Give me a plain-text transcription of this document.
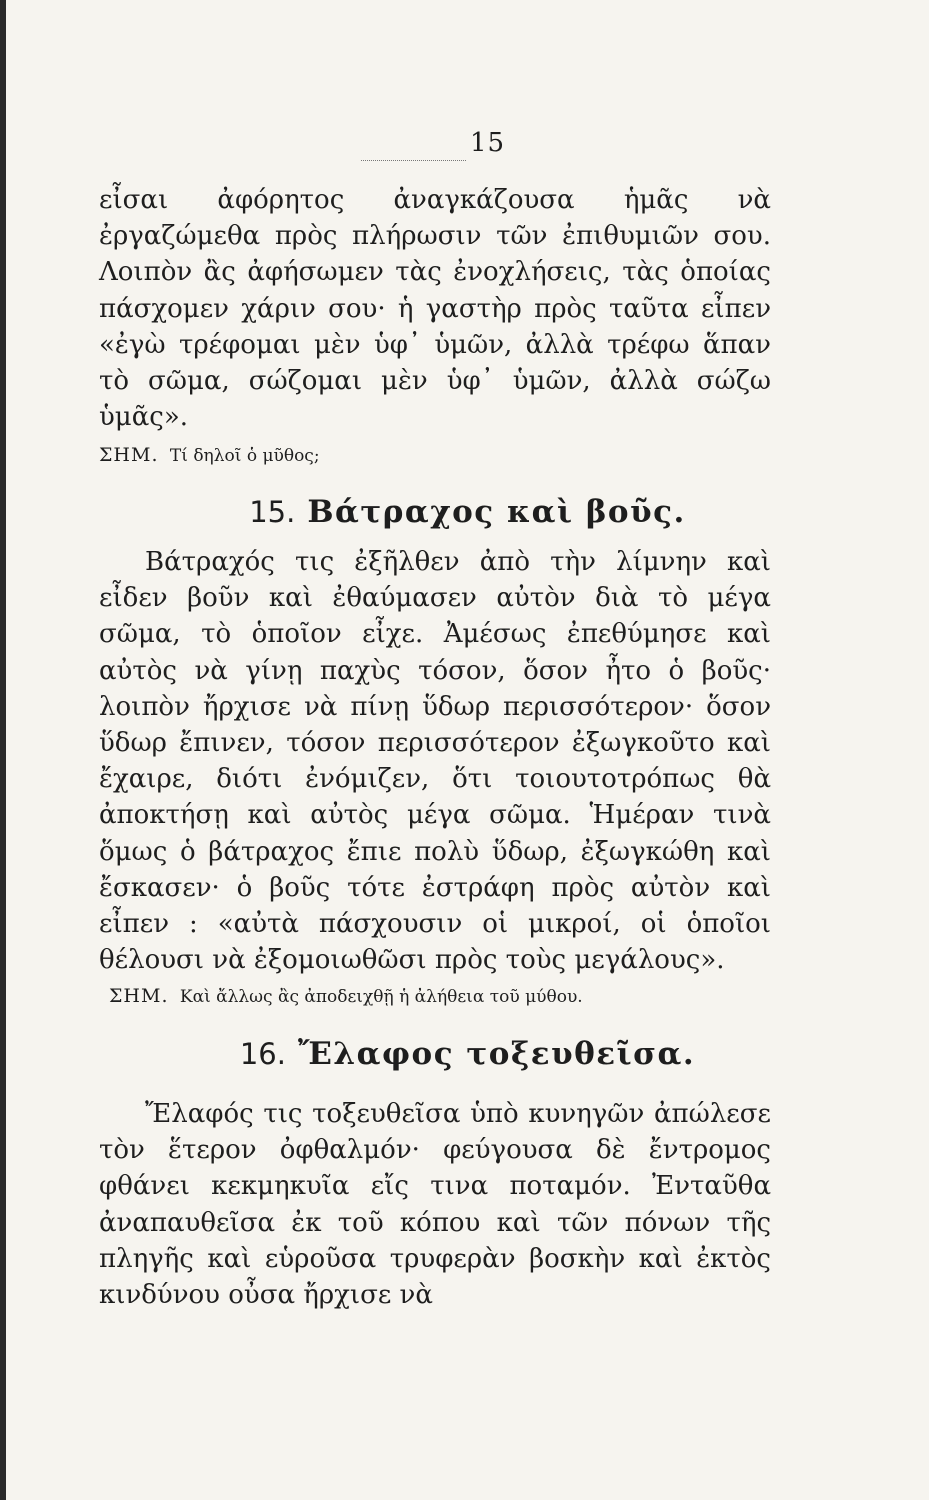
15

εἶσαι ἀφόρητος ἀναγκάζουσα ἡμᾶς νὰ ἐργαζώμεθα πρὸς πλήρωσιν τῶν ἐπιθυμιῶν σου. Λοιπὸν ἂς ἀφήσωμεν τὰς ἐνοχλήσεις, τὰς ὁποίας πάσχομεν χάριν σου· ἡ γαστὴρ πρὸς ταῦτα εἶπεν «ἐγὼ τρέφομαι μὲν ὑφ᾽ ὑμῶν, ἀλλὰ τρέφω ἅπαν τὸ σῶμα, σώζομαι μὲν ὑφ᾽ ὑμῶν, ἀλλὰ σώζω ὑμᾶς».

ΣΗΜ. Τί δηλοῖ ὁ μῦθος;

15. Βάτραχος καὶ βοῦς.

Βάτραχός τις ἐξῆλθεν ἀπὸ τὴν λίμνην καὶ εἶδεν βοῦν καὶ ἐθαύμασεν αὐτὸν διὰ τὸ μέγα σῶμα, τὸ ὁποῖον εἶχε. Ἀμέσως ἐπεθύμησε καὶ αὐτὸς νὰ γίνῃ παχὺς τόσον, ὅσον ἦτο ὁ βοῦς· λοιπὸν ἤρχισε νὰ πίνῃ ὕδωρ περισσότερον· ὅσον ὕδωρ ἔπινεν, τόσον περισσότερον ἐξωγκοῦτο καὶ ἔχαιρε, διότι ἐνόμιζεν, ὅτι τοιουτοτρόπως θὰ ἀποκτήσῃ καὶ αὐτὸς μέγα σῶμα. Ἡμέραν τινὰ ὅμως ὁ βάτραχος ἔπιε πολὺ ὕδωρ, ἐξωγκώθη καὶ ἔσκασεν· ὁ βοῦς τότε ἐστράφη πρὸς αὐτὸν καὶ εἶπεν : «αὐτὰ πάσχουσιν οἱ μικροί, οἱ ὁποῖοι θέλουσι νὰ ἐξομοιωθῶσι πρὸς τοὺς μεγάλους».

ΣΗΜ. Καὶ ἄλλως ἂς ἀποδειχθῇ ἡ ἀλήθεια τοῦ μύθου.

16. Ἔλαφος τοξευθεῖσα.

Ἔλαφός τις τοξευθεῖσα ὑπὸ κυνηγῶν ἀπώλεσε τὸν ἕτερον ὀφθαλμόν· φεύγουσα δὲ ἔντρομος φθάνει κεκμηκυῖα εἴς τινα ποταμόν. Ἐνταῦθα ἀναπαυθεῖσα ἐκ τοῦ κόπου καὶ τῶν πόνων τῆς πληγῆς καὶ εὑροῦσα τρυφερὰν βοσκὴν καὶ ἐκτὸς κινδύνου οὖσα ἤρχισε νὰ
